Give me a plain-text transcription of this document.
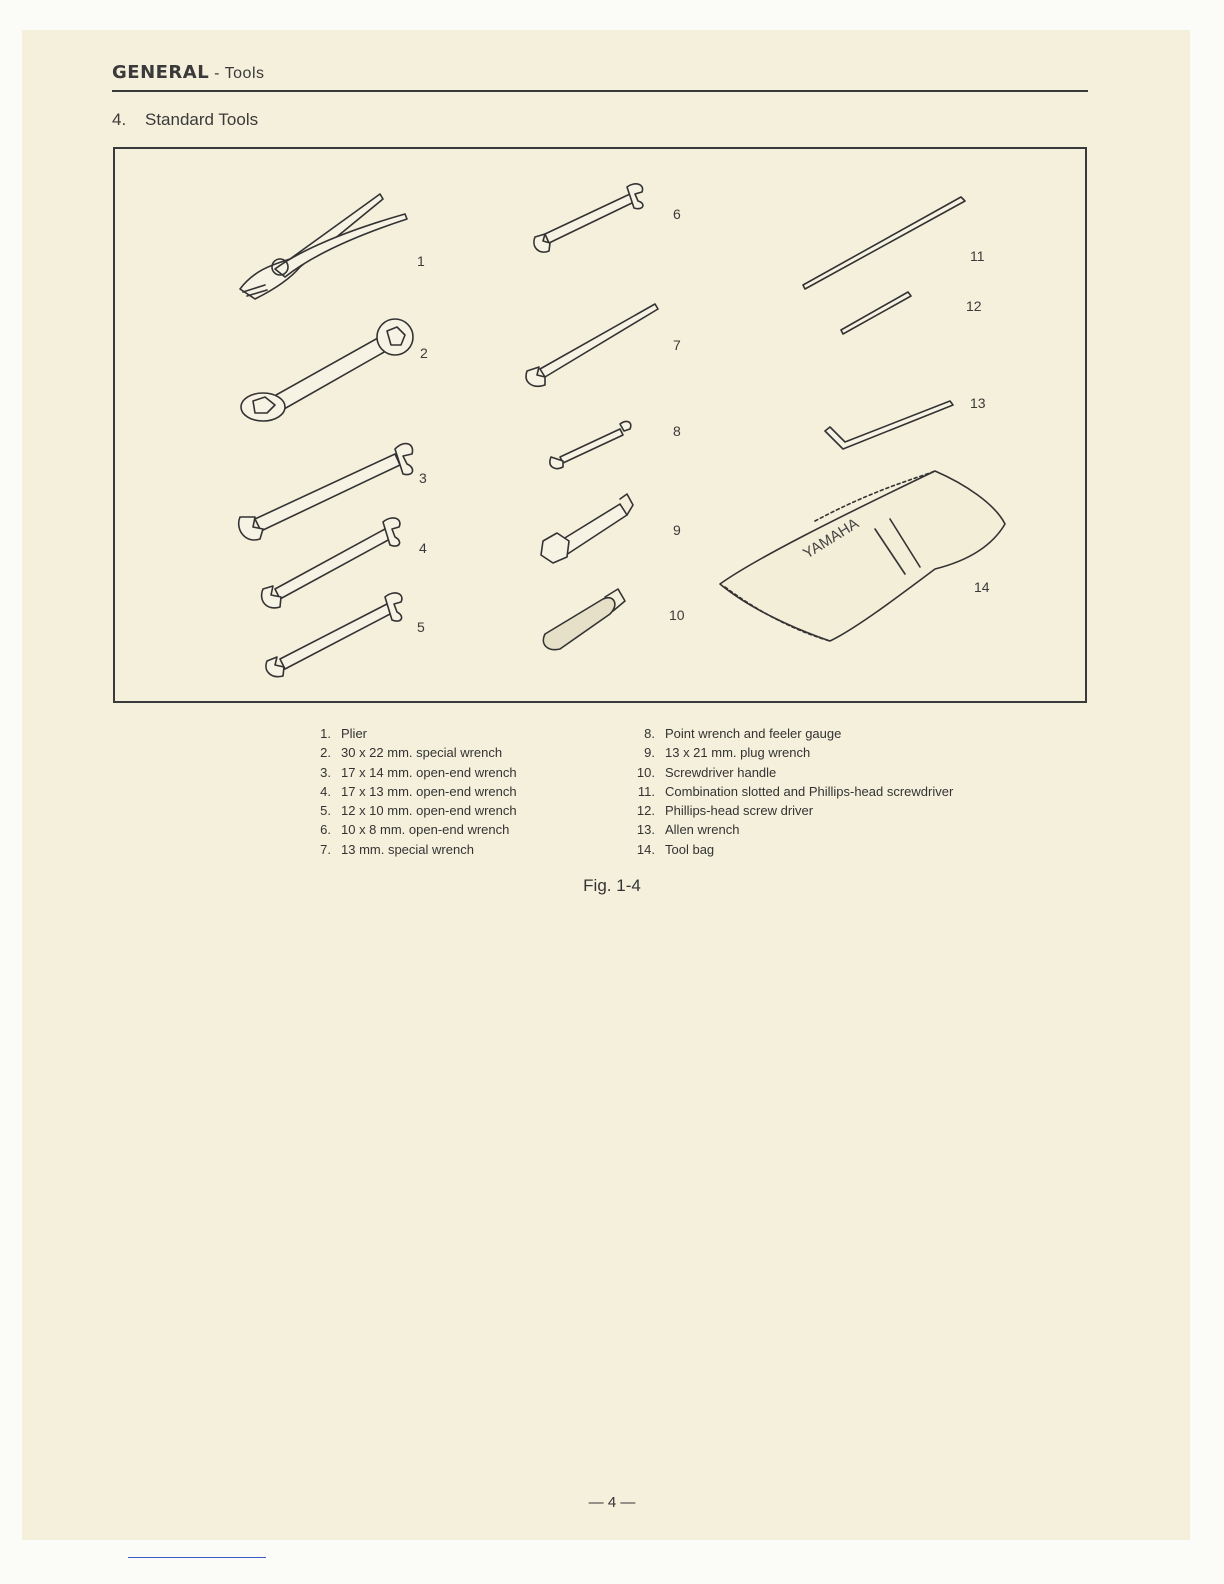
GENERAL - Tools
4. Standard Tools
YAMAHA
1
2
3
4
5
6
7
8
9
10
11
12
13
14
1. Plier
2. 30 x 22 mm. special wrench
3. 17 x 14 mm. open-end wrench
4. 17 x 13 mm. open-end wrench
5. 12 x 10 mm. open-end wrench
6. 10 x 8 mm. open-end wrench
7. 13 mm. special wrench
8. Point wrench and feeler gauge
9. 13 x 21 mm. plug wrench
10. Screwdriver handle
11. Combination slotted and Phillips-head screwdriver
12. Phillips-head screw driver
13. Allen wrench
14. Tool bag
Fig. 1-4
— 4 —
